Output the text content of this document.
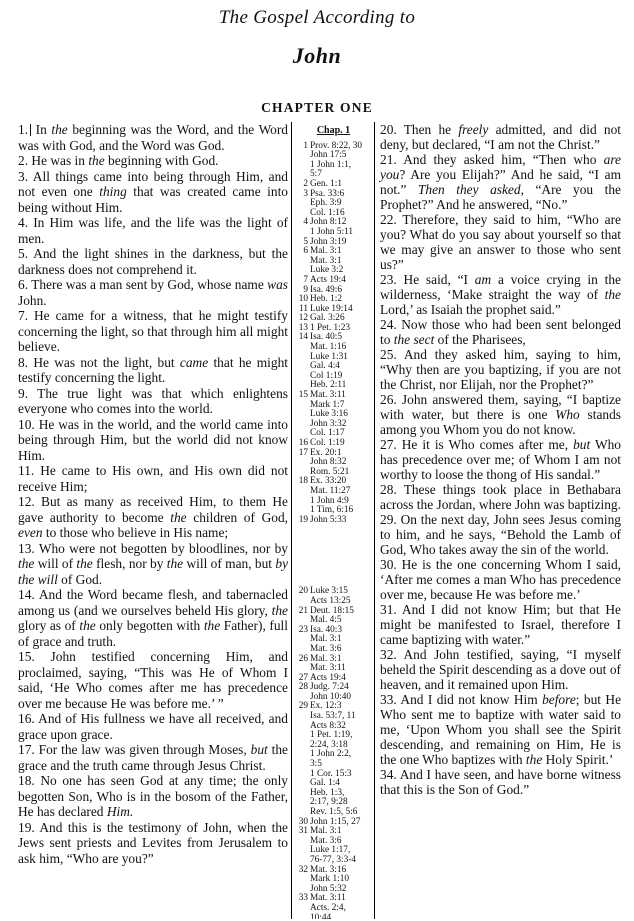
The Gospel According to
John
CHAPTER ONE

1. In the beginning was the Word, and the Word was with God, and the Word was God.

2. He was in the beginning with God.

3. All things came into being through Him, and not even one thing that was created came into being without Him.

4. In Him was life, and the life was the light of men.

5. And the light shines in the darkness, but the darkness does not comprehend it.

6. There was a man sent by God, whose name was John.

7. He came for a witness, that he might testify concerning the light, so that through him all might believe.

8. He was not the light, but came that he might testify concerning the light.

9. The true light was that which enlightens everyone who comes into the world.

10. He was in the world, and the world came into being through Him, but the world did not know Him.

11. He came to His own, and His own did not receive Him;

12. But as many as received Him, to them He gave authority to become the children of God, even to those who believe in His name;

13. Who were not begotten by bloodlines, nor by the will of the flesh, nor by the will of man, but by the will of God.

14. And the Word became flesh, and tabernacled among us (and we ourselves beheld His glory, the glory as of the only begotten with the Father), full of grace and truth.

15. John testified concerning Him, and proclaimed, saying, “This was He of Whom I said, ‘He Who comes after me has precedence over me because He was before me.’ ”

16. And of His fullness we have all received, and grace upon grace.

17. For the law was given through Moses, but the grace and the truth came through Jesus Christ.

18. No one has seen God at any time; the only begotten Son, Who is in the bosom of the Father, He has declared Him.

19. And this is the testimony of John, when the Jews sent priests and Levites from Jerusalem to ask him, “Who are you?”

Chap. 1
1 Prov. 8:22, 30
John 17:5
1 John 1:1,
5:7
2 Gen. 1:1
3 Psa. 33:6
Eph. 3:9
Col. 1:16
4 John 8:12
1 John 5:11
5 John 3:19
6 Mal. 3:1
Mat. 3:1
Luke 3:2
7 Acts 19:4
9 Isa. 49:6
10 Heb. 1:2
11 Luke 19:14
12 Gal. 3:26
13 1 Pet. 1:23
14 Isa. 40:5
Mat. 1:16
Luke 1:31
Gal. 4:4
Col 1:19
Heb. 2:11
15 Mat. 3:11
Mark 1:7
Luke 3:16
John 3:32
Col. 1:17
16 Col. 1:19
17 Ex. 20:1
John 8:32
Rom. 5:21
18 Ex. 33:20
Mat. 11:27
1 John 4:9
1 Tim, 6:16
19 John 5:33
20 Luke 3:15
Acts 13:25
21 Deut. 18:15
Mal. 4:5
23 Isa. 40:3
Mal. 3:1
Mat. 3:6
26 Mal. 3:1
Mat. 3:11
27 Acts 19:4
28 Judg. 7:24
John 10:40
29 Ex. 12:3
Isa. 53:7, 11
Acts 8:32
1 Pet. 1:19,
2:24, 3:18
1 John 2:2,
3:5
1 Cor. 15:3
Gal. 1:4
Heb. 1:3,
2:17, 9:28
Rev. 1:5, 5:6
30 John 1:15, 27
31 Mal. 3:1
Mat. 3:6
Luke 1:17,
76-77, 3:3-4
32 Mat. 3:16
Mark 1:10
John 5:32
33 Mat. 3:11
Acts. 2:4,
10:44

20. Then he freely admitted, and did not deny, but declared, “I am not the Christ.”

21. And they asked him, “Then who are you? Are you Elijah?” And he said, “I am not.” Then they asked, “Are you the Prophet?” And he answered, “No.”

22. Therefore, they said to him, “Who are you? What do you say about yourself so that we may give an answer to those who sent us?”

23. He said, “I am a voice crying in the wilderness, ‘Make straight the way of the Lord,’ as Isaiah the prophet said.”

24. Now those who had been sent belonged to the sect of the Pharisees,

25. And they asked him, saying to him, “Why then are you baptizing, if you are not the Christ, nor Elijah, nor the Prophet?”

26. John answered them, saying, “I baptize with water, but there is one Who stands among you Whom you do not know.

27. He it is Who comes after me, but Who has precedence over me; of Whom I am not worthy to loose the thong of His sandal.”

28. These things took place in Bethabara across the Jordan, where John was baptizing.

29. On the next day, John sees Jesus coming to him, and he says, “Behold the Lamb of God, Who takes away the sin of the world.

30. He is the one concerning Whom I said, ‘After me comes a man Who has precedence over me, because He was before me.’

31. And I did not know Him; but that He might be manifested to Israel, therefore I came baptizing with water.”

32. And John testified, saying, “I myself beheld the Spirit descending as a dove out of heaven, and it remained upon Him.

33. And I did not know Him before; but He Who sent me to baptize with water said to me, ‘Upon Whom you shall see the Spirit descending, and remaining on Him, He is the one Who baptizes with the Holy Spirit.’

34. And I have seen, and have borne witness that this is the Son of God.”
